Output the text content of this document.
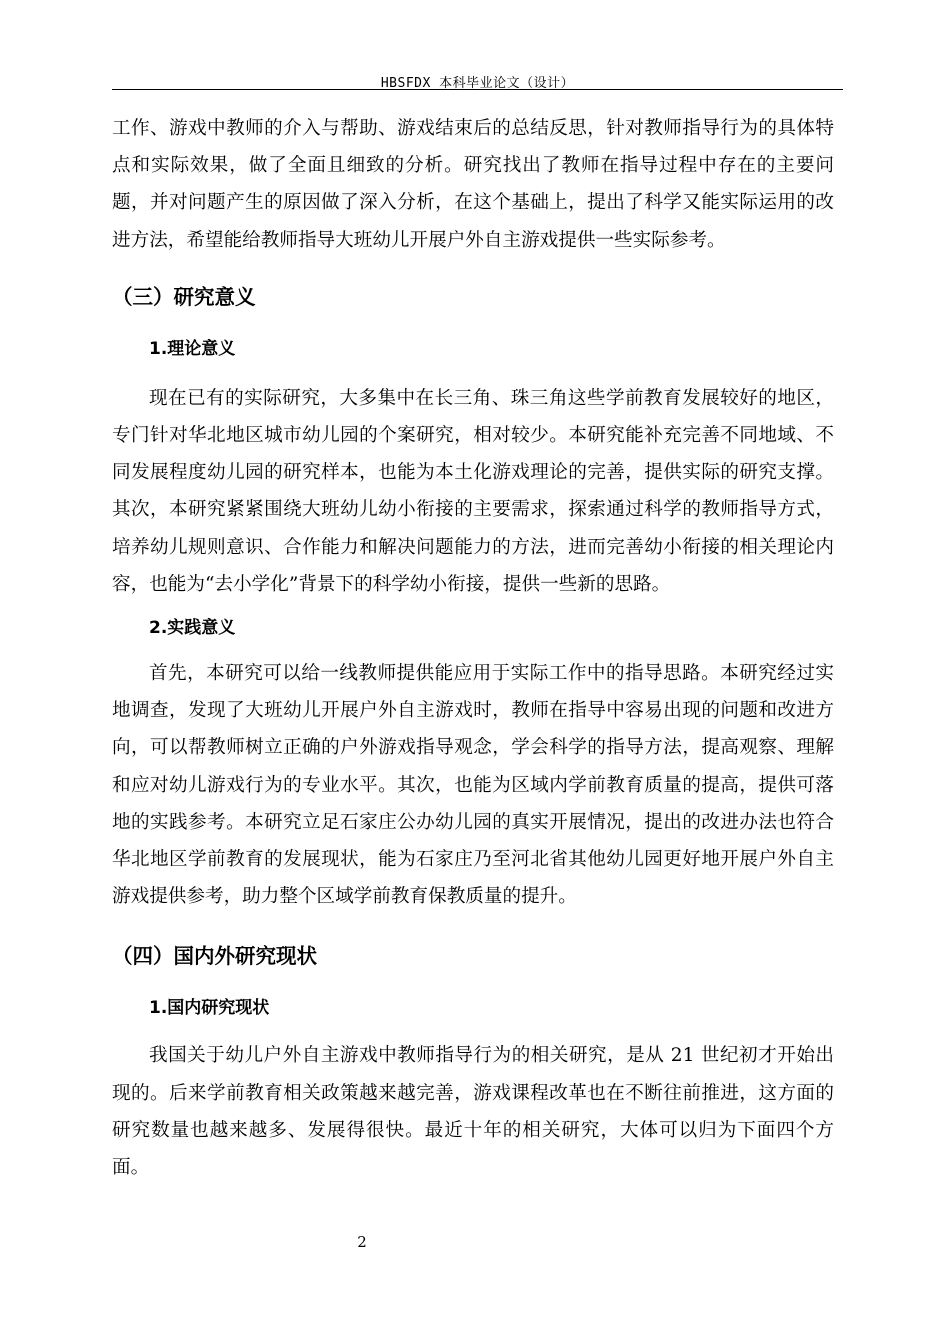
HBSFDX 本科毕业论文（设计）

工作、游戏中教师的介入与帮助、游戏结束后的总结反思，针对教师指导行为的具体特点和实际效果，做了全面且细致的分析。研究找出了教师在指导过程中存在的主要问题，并对问题产生的原因做了深入分析，在这个基础上，提出了科学又能实际运用的改进方法，希望能给教师指导大班幼儿开展户外自主游戏提供一些实际参考。

（三）研究意义
1.理论意义

现在已有的实际研究，大多集中在长三角、珠三角这些学前教育发展较好的地区，专门针对华北地区城市幼儿园的个案研究，相对较少。本研究能补充完善不同地域、不同发展程度幼儿园的研究样本，也能为本土化游戏理论的完善，提供实际的研究支撑。其次，本研究紧紧围绕大班幼儿幼小衔接的主要需求，探索通过科学的教师指导方式，培养幼儿规则意识、合作能力和解决问题能力的方法，进而完善幼小衔接的相关理论内容，也能为“去小学化”背景下的科学幼小衔接，提供一些新的思路。

2.实践意义

首先，本研究可以给一线教师提供能应用于实际工作中的指导思路。本研究经过实地调查，发现了大班幼儿开展户外自主游戏时，教师在指导中容易出现的问题和改进方向，可以帮教师树立正确的户外游戏指导观念，学会科学的指导方法，提高观察、理解和应对幼儿游戏行为的专业水平。其次，也能为区域内学前教育质量的提高，提供可落地的实践参考。本研究立足石家庄公办幼儿园的真实开展情况，提出的改进办法也符合华北地区学前教育的发展现状，能为石家庄乃至河北省其他幼儿园更好地开展户外自主游戏提供参考，助力整个区域学前教育保教质量的提升。

（四）国内外研究现状
1.国内研究现状

我国关于幼儿户外自主游戏中教师指导行为的相关研究，是从 21 世纪初才开始出现的。后来学前教育相关政策越来越完善，游戏课程改革也在不断往前推进，这方面的研究数量也越来越多、发展得很快。最近十年的相关研究，大体可以归为下面四个方面。

2
